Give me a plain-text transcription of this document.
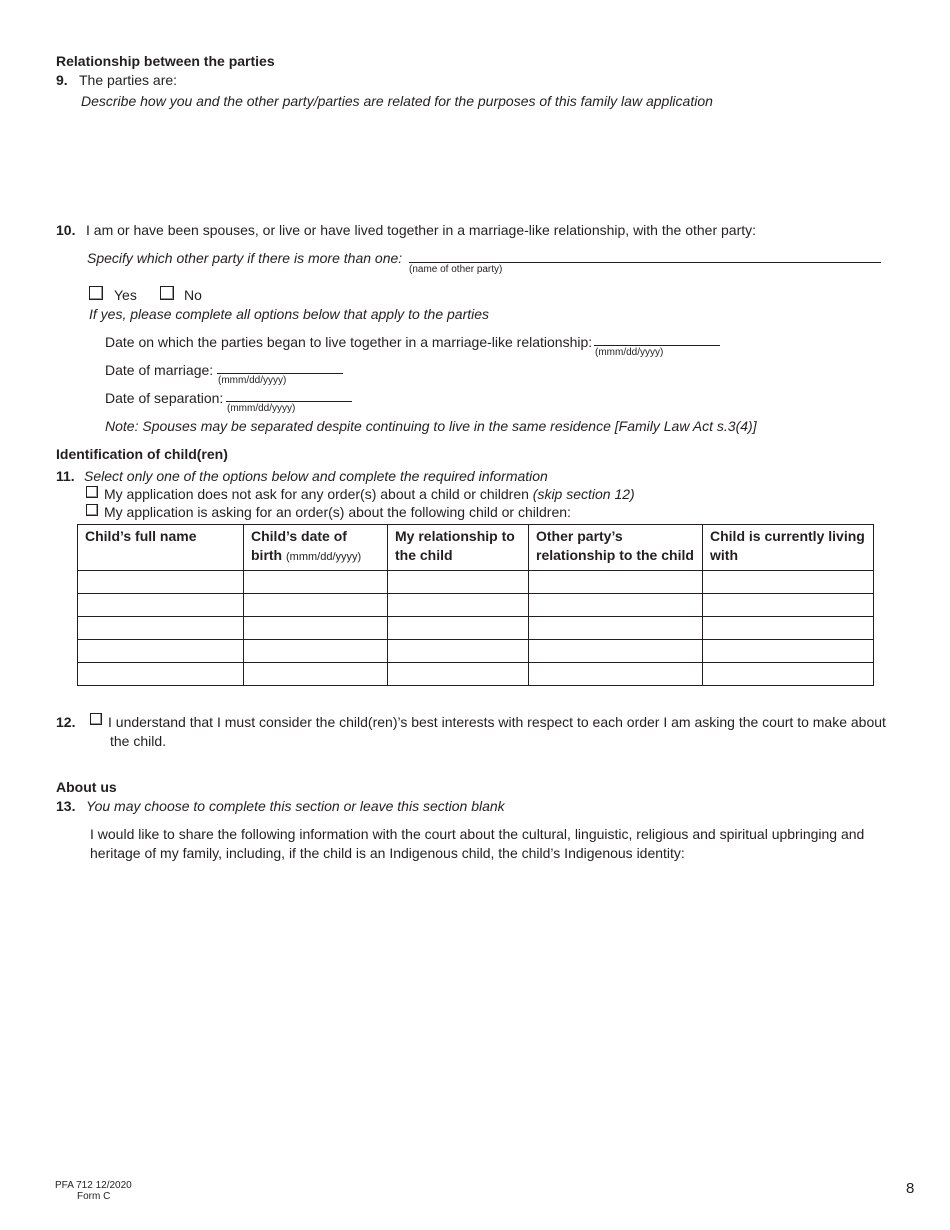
Relationship between the parties
9. The parties are:
Describe how you and the other party/parties are related for the purposes of this family law application
10. I am or have been spouses, or live or have lived together in a marriage-like relationship, with the other party:
Specify which other party if there is more than one:
(name of other party)
Yes	No
If yes, please complete all options below that apply to the parties
Date on which the parties began to live together in a marriage-like relationship:
(mmm/dd/yyyy)
Date of marriage:
(mmm/dd/yyyy)
Date of separation:
(mmm/dd/yyyy)
Note: Spouses may be separated despite continuing to live in the same residence [Family Law Act s.3(4)]
Identification of child(ren)
11. Select only one of the options below and complete the required information
My application does not ask for any order(s) about a child or children (skip section 12)
My application is asking for an order(s) about the following child or children:
Child’s full name	Child’s date of birth (mmm/dd/yyyy)	My relationship to the child	Other party’s relationship to the child	Child is currently living with

12. I understand that I must consider the child(ren)’s best interests with respect to each order I am asking the court to make about
the child.
About us
13. You may choose to complete this section or leave this section blank
I would like to share the following information with the court about the cultural, linguistic, religious and spiritual upbringing and
heritage of my family, including, if the child is an Indigenous child, the child’s Indigenous identity:
PFA 712 12/2020
Form C	8
